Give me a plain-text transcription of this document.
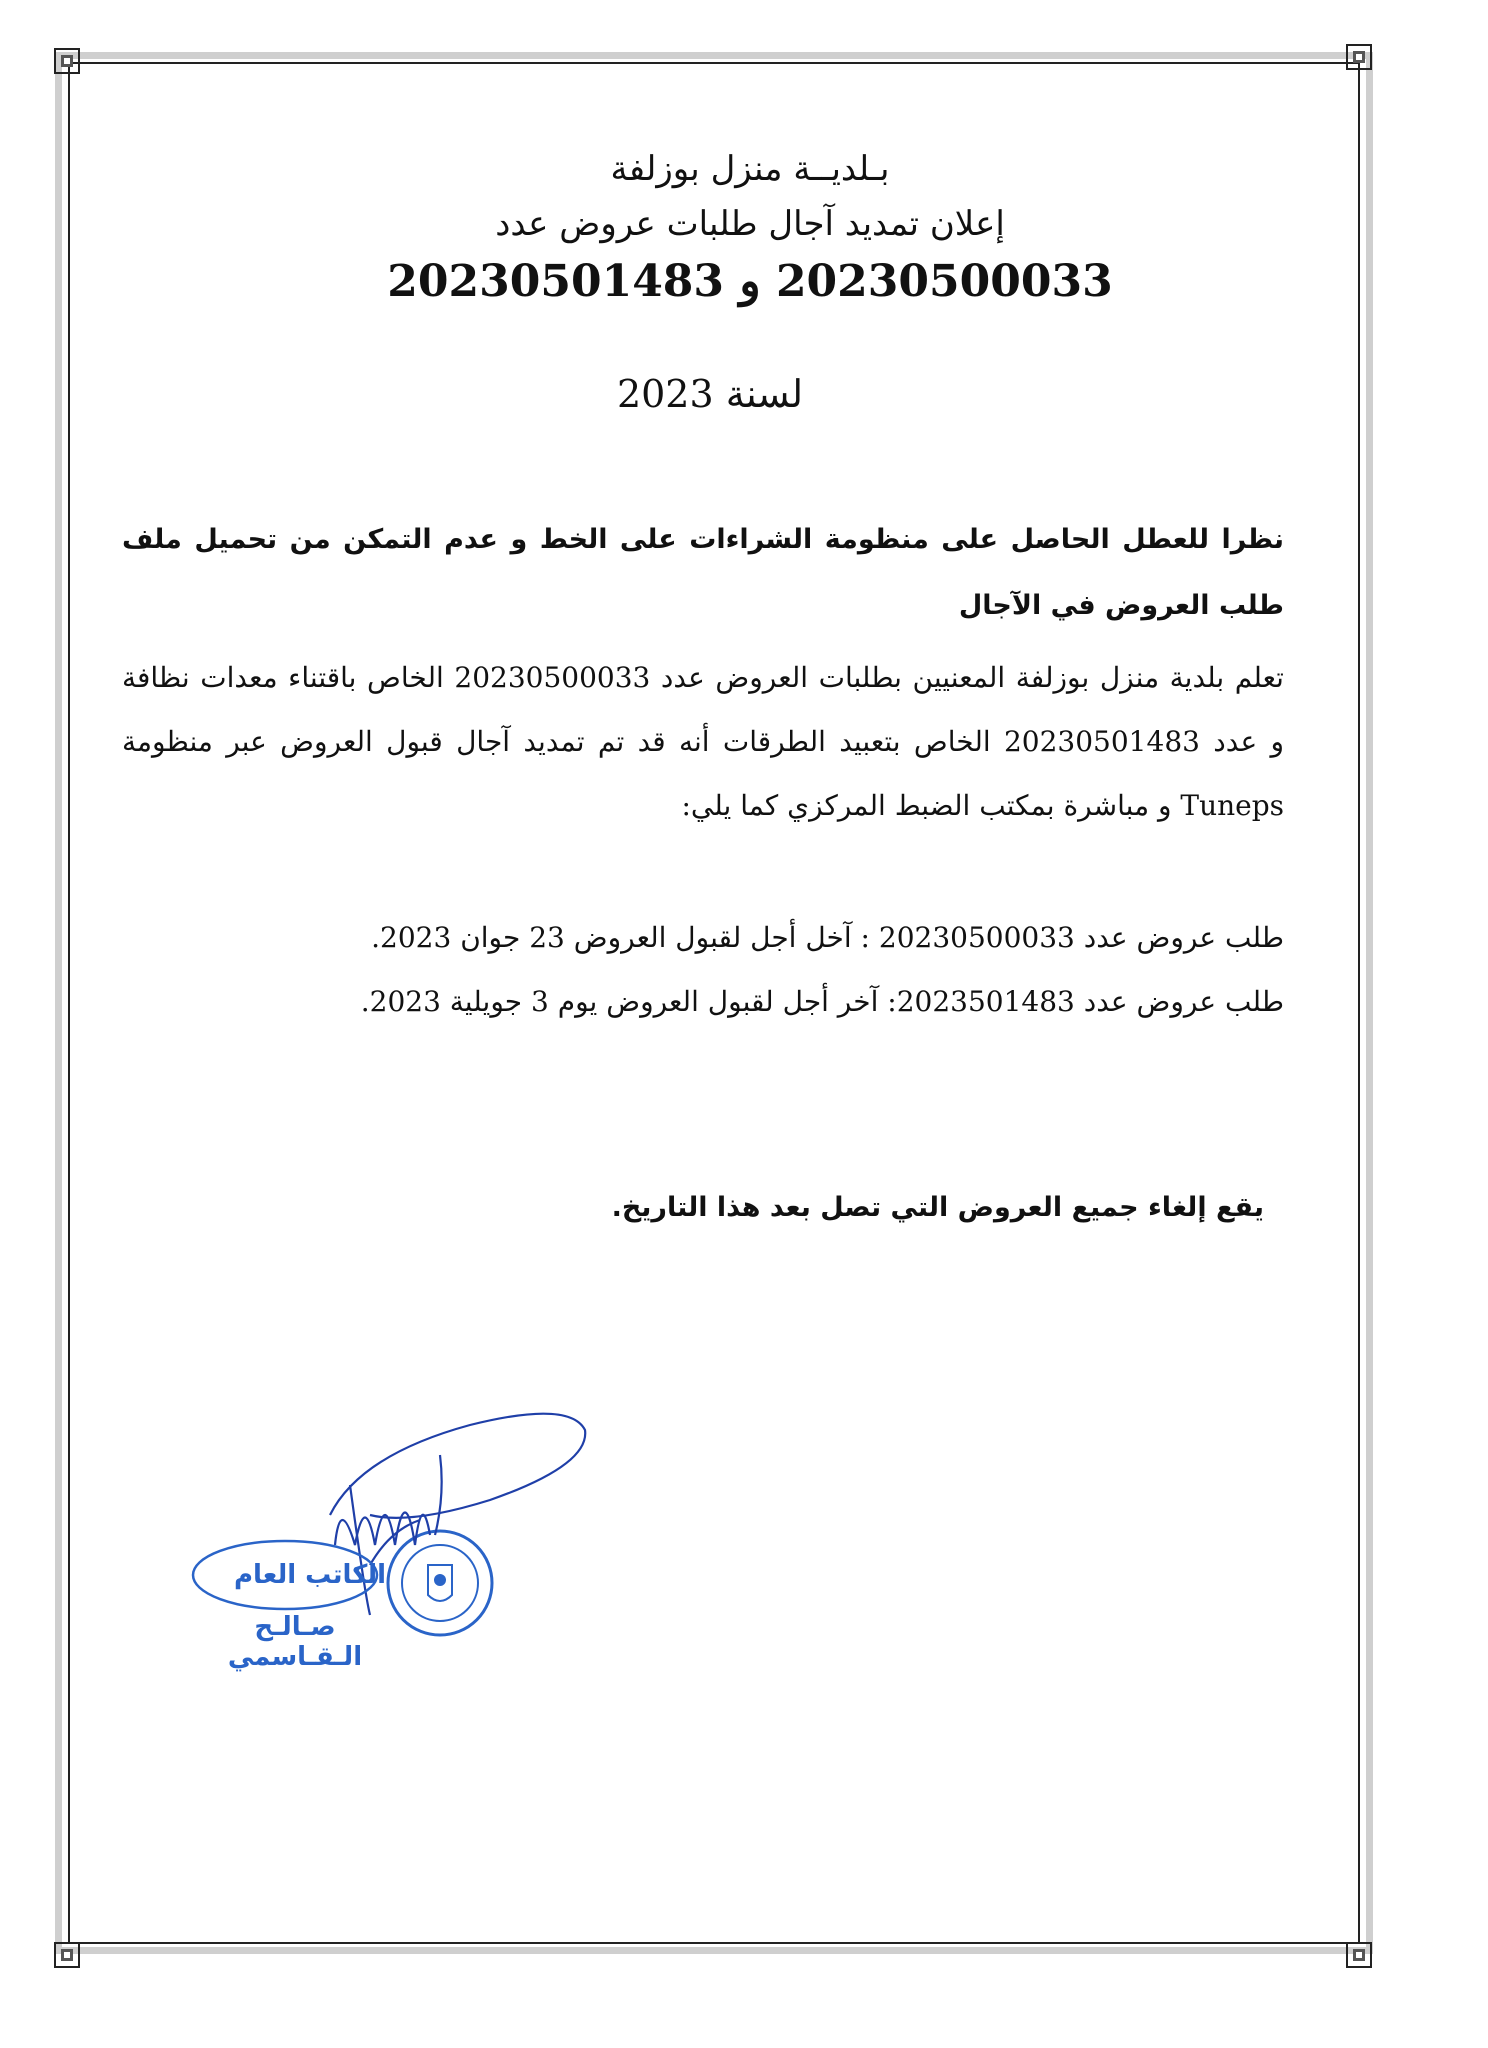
بـلديــة منزل بوزلفة
إعلان تمديد آجال طلبات عروض عدد
20230500033 و 20230501483
لسنة 2023
نظرا للعطل الحاصل على منظومة الشراءات على الخط و عدم التمكن من تحميل ملف طلب العروض في الآجال
تعلم بلدية منزل بوزلفة المعنيين بطلبات العروض عدد 20230500033 الخاص باقتناء معدات نظافة و عدد 20230501483 الخاص بتعبيد الطرقات أنه قد تم تمديد آجال قبول العروض عبر منظومة Tuneps و مباشرة بمكتب الضبط المركزي كما يلي:
طلب عروض عدد 20230500033 : آخل أجل لقبول العروض 23 جوان 2023.
طلب عروض عدد 2023501483: آخر أجل لقبول العروض يوم 3 جويلية 2023.
يقع إلغاء جميع العروض التي تصل بعد هذا التاريخ.
الكاتب العام
صـالـح الـقـاسمي
